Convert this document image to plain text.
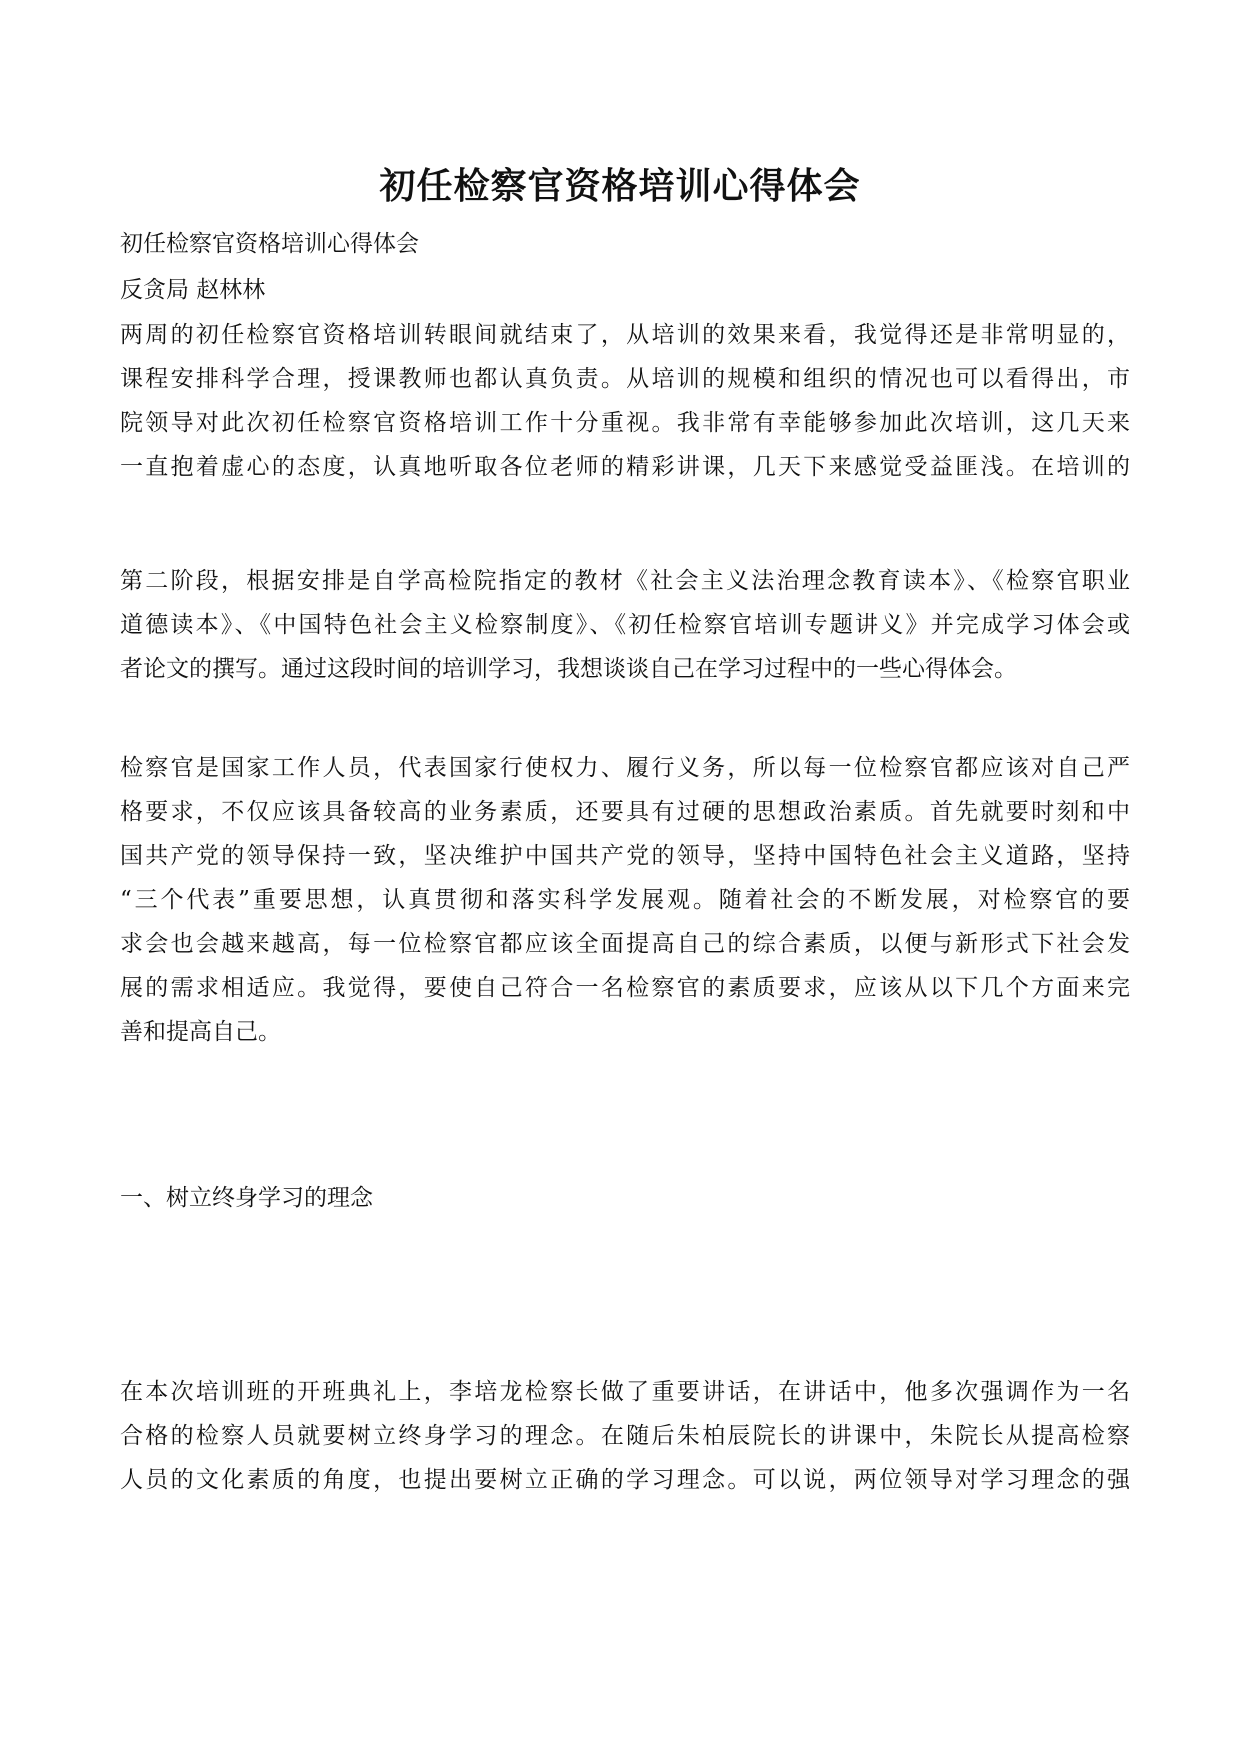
初任检察官资格培训心得体会

初任检察官资格培训心得体会

反贪局 赵林林

两周的初任检察官资格培训转眼间就结束了，从培训的效果来看，我觉得还是非常明显的，

课程安排科学合理，授课教师也都认真负责。从培训的规模和组织的情况也可以看得出，市

院领导对此次初任检察官资格培训工作十分重视。我非常有幸能够参加此次培训，这几天来

一直抱着虚心的态度，认真地听取各位老师的精彩讲课，几天下来感觉受益匪浅。在培训的

第二阶段，根据安排是自学高检院指定的教材《社会主义法治理念教育读本》、《检察官职业

道德读本》、《中国特色社会主义检察制度》、《初任检察官培训专题讲义》并完成学习体会或

者论文的撰写。通过这段时间的培训学习，我想谈谈自己在学习过程中的一些心得体会。

检察官是国家工作人员，代表国家行使权力、履行义务，所以每一位检察官都应该对自己严

格要求，不仅应该具备较高的业务素质，还要具有过硬的思想政治素质。首先就要时刻和中

国共产党的领导保持一致，坚决维护中国共产党的领导，坚持中国特色社会主义道路，坚持

“三个代表”重要思想，认真贯彻和落实科学发展观。随着社会的不断发展，对检察官的要

求会也会越来越高，每一位检察官都应该全面提高自己的综合素质，以便与新形式下社会发

展的需求相适应。我觉得，要使自己符合一名检察官的素质要求，应该从以下几个方面来完

善和提高自己。

一、树立终身学习的理念

在本次培训班的开班典礼上，李培龙检察长做了重要讲话，在讲话中，他多次强调作为一名

合格的检察人员就要树立终身学习的理念。在随后朱柏辰院长的讲课中，朱院长从提高检察

人员的文化素质的角度，也提出要树立正确的学习理念。可以说，两位领导对学习理念的强
